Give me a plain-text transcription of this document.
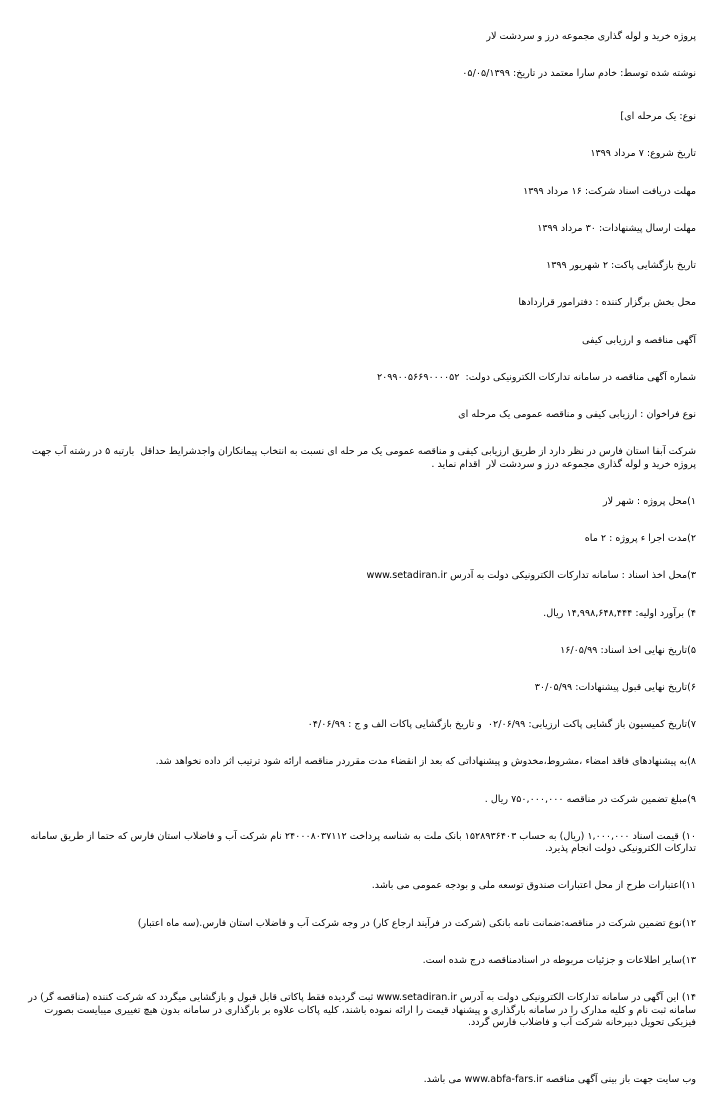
پروژه خرید و لوله گذاری مجموعه درز و سردشت لار

نوشته شده توسط: خادم سارا معتمد در تاریخ: ۰۵/۰۵/۱۳۹۹

نوع: یک مرحله ای]

تاریخ شروع: ۷ مرداد ۱۳۹۹

مهلت دریافت اسناد شرکت: ۱۶ مرداد ۱۳۹۹

مهلت ارسال پیشنهادات: ۳۰ مرداد ۱۳۹۹

تاریخ بازگشایی پاکت: ۲ شهریور ۱۳۹۹

محل بخش برگزار کننده : دفترامور قراردادها

آگهی مناقصه و ارزیابی کیفی

شماره آگهی مناقصه در سامانه تدارکات الکترونیکی دولت:  ۲۰۹۹۰۰۵۶۶۹۰۰۰۰۵۲

نوع فراخوان : ارزیابی کیفی و مناقصه عمومی یک مرحله ای

شرکت آبفا استان فارس در نظر دارد از طریق ارزیابی کیفی و مناقصه عمومی یک مر حله ای نسبت به انتخاب پیمانکاران واجدشرایط حداقل  بارتبه ۵ در رشته آب جهت  پروژه خرید و لوله گذاری مجموعه درز و سردشت لار  اقدام نماید .

۱)محل پروژه : شهر لار

۲)مدت اجرا ء پروژه : ۲ ماه

۳)محل اخذ اسناد : سامانه تدارکات الکترونیکی دولت به آدرس www.setadiran.ir

۴) برآورد اولیه: ۱۴,۹۹۸,۶۴۸,۴۴۴ ریال.

۵)تاریخ نهایی اخذ اسناد: ۱۶/۰۵/۹۹

۶)تاریخ نهایی قبول پیشنهادات: ۳۰/۰۵/۹۹

۷)تاریخ کمیسیون باز گشایی پاکت ارزیابی: ۰۲/۰۶/۹۹  و تاریخ بازگشایی پاکات الف و ج : ۰۴/۰۶/۹۹

۸)به پیشنهادهای فاقد امضاء ،مشروط،مخدوش و پیشنهاداتی که بعد از انقضاء مدت مقرردر مناقصه ارائه شود ترتیب اثر داده نخواهد شد.

۹)مبلغ تضمین شرکت در مناقصه ۷۵۰,۰۰۰,۰۰۰ ریال .

۱۰) قیمت اسناد ۱,۰۰۰,۰۰۰ (ریال) به حساب ۱۵۲۸۹۳۶۴۰۳ بانک ملت به شناسه پرداخت ۲۴۰۰۰۸۰۳۷۱۱۲ نام شرکت آب و فاضلاب استان فارس که حتما از طریق سامانه تدارکات الکترونیکی دولت انجام پذیرد.

۱۱)اعتبارات طرح از محل اعتبارات صندوق توسعه ملی و بودجه عمومی می باشد.

۱۲)نوع تضمین شرکت در مناقصه:ضمانت نامه بانکی (شرکت در فرآیند ارجاع کار) در وجه شرکت آب و فاضلاب استان فارس.(سه ماه اعتبار)

۱۳)سایر اطلاعات و جزئیات مربوطه در اسنادمناقصه درج شده است.

۱۴) این آگهی در سامانه تدارکات الکترونیکی دولت به آدرس www.setadiran.ir ثبت گردیده فقط پاکاتی قابل قبول و بازگشایی میگردد که شرکت کننده (مناقصه گر) در سامانه ثبت نام و کلیه مدارک را در سامانه بارگذاری و پیشنهاد قیمت را ارائه نموده باشند، کلیه پاکات علاوه بر بارگذاری در سامانه بدون هیچ تغییری میبایست بصورت فیزیکی تحویل دبیرخانه شرکت آب و فاضلاب فارس گردد.

وب سایت جهت باز بینی آگهی مناقصه www.abfa-fars.ir می باشد.
